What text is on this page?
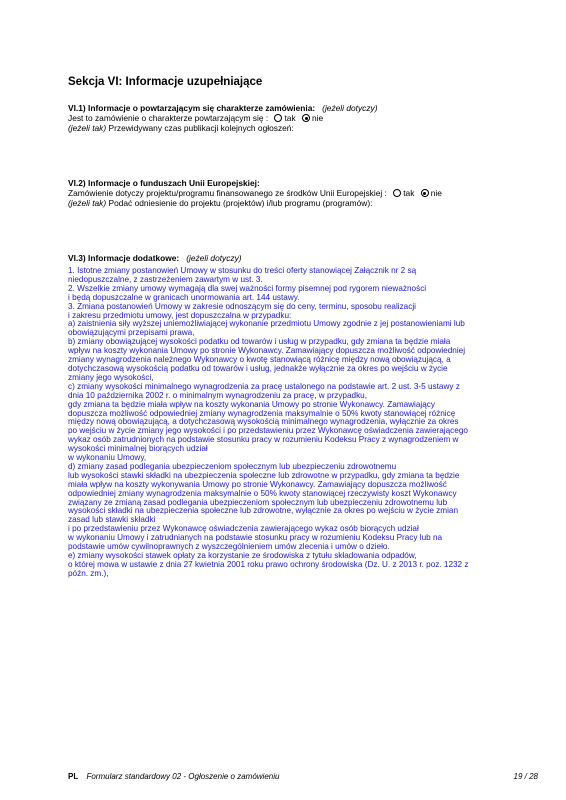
Sekcja VI: Informacje uzupełniające
VI.1) Informacje o powtarzającym się charakterze zamówienia: (jeżeli dotyczy)
Jest to zamówienie o charakterze powtarzającym się : tak nie
(jeżeli tak) Przewidywany czas publikacji kolejnych ogłoszeń:
VI.2) Informacje o funduszach Unii Europejskiej:
Zamówienie dotyczy projektu/programu finansowanego ze środków Unii Europejskiej : tak nie
(jeżeli tak) Podać odniesienie do projektu (projektów) i/lub programu (programów):
VI.3) Informacje dodatkowe: (jeżeli dotyczy)
1. Istotne zmiany postanowień Umowy w stosunku do treści oferty stanowiącej Załącznik nr 2 są
niedopuszczalne, z zastrzeżeniem zawartym w ust. 3.
2. Wszelkie zmiany umowy wymagają dla swej ważności formy pisemnej pod rygorem nieważności
i będą dopuszczalne w granicach unormowania art. 144 ustawy.
3. Zmiana postanowień Umowy w zakresie odnoszącym się do ceny, terminu, sposobu realizacji
i zakresu przedmiotu umowy, jest dopuszczalna w przypadku:
a) zaistnienia siły wyższej uniemożliwiającej wykonanie przedmiotu Umowy zgodnie z jej postanowieniami lub
obowiązującymi przepisami prawa,
b) zmiany obowiązującej wysokości podatku od towarów i usług w przypadku, gdy zmiana ta będzie miała
wpływ na koszty wykonania Umowy po stronie Wykonawcy. Zamawiający dopuszcza możliwość odpowiedniej
zmiany wynagrodzenia należnego Wykonawcy o kwotę stanowiącą różnicę między nową obowiązującą, a
dotychczasową wysokością podatku od towarów i usług, jednakże wyłącznie za okres po wejściu w życie
zmiany jego wysokości,
c) zmiany wysokości minimalnego wynagrodzenia za pracę ustalonego na podstawie art. 2 ust. 3-5 ustawy z
dnia 10 października 2002 r. o minimalnym wynagrodzeniu za pracę, w przypadku,
gdy zmiana ta będzie miała wpływ na koszty wykonania Umowy po stronie Wykonawcy. Zamawiający
dopuszcza możliwość odpowiedniej zmiany wynagrodzenia maksymalnie o 50% kwoty stanowiącej różnicę
między nową obowiązującą, a dotychczasową wysokością minimalnego wynagrodzenia, wyłącznie za okres
po wejściu w życie zmiany jego wysokości i po przedstawieniu przez Wykonawcę oświadczenia zawierającego
wykaz osób zatrudnionych na podstawie stosunku pracy w rozumieniu Kodeksu Pracy z wynagrodzeniem w
wysokości minimalnej biorących udział
w wykonaniu Umowy,
d) zmiany zasad podlegania ubezpieczeniom społecznym lub ubezpieczeniu zdrowotnemu
lub wysokości stawki składki na ubezpieczenia społeczne lub zdrowotne w przypadku, gdy zmiana ta będzie
miała wpływ na koszty wykonywania Umowy po stronie Wykonawcy. Zamawiający dopuszcza możliwość
odpowiedniej zmiany wynagrodzenia maksymalnie o 50% kwoty stanowiącej rzeczywisty koszt Wykonawcy
związany ze zmianą zasad podlegania ubezpieczeniom społecznym lub ubezpieczeniu zdrowotnemu lub
wysokości składki na ubezpieczenia społeczne lub zdrowotne, wyłącznie za okres po wejściu w życie zmian
zasad lub stawki składki
i po przedstawieniu przez Wykonawcę oświadczenia zawierającego wykaz osób biorących udział
w wykonaniu Umowy i zatrudnianych na podstawie stosunku pracy w rozumieniu Kodeksu Pracy lub na
podstawie umów cywilnoprawnych z wyszczególnieniem umów zlecenia i umów o dzieło.
e) zmiany wysokości stawek opłaty za korzystanie ze środowiska z tytułu składowania odpadów,
o której mowa w ustawie z dnia 27 kwietnia 2001 roku prawo ochrony środowiska (Dz. U. z 2013 r. poz. 1232 z
późn. zm.),
PL Formularz standardowy 02 - Ogłoszenie o zamówieniu	19 / 28
